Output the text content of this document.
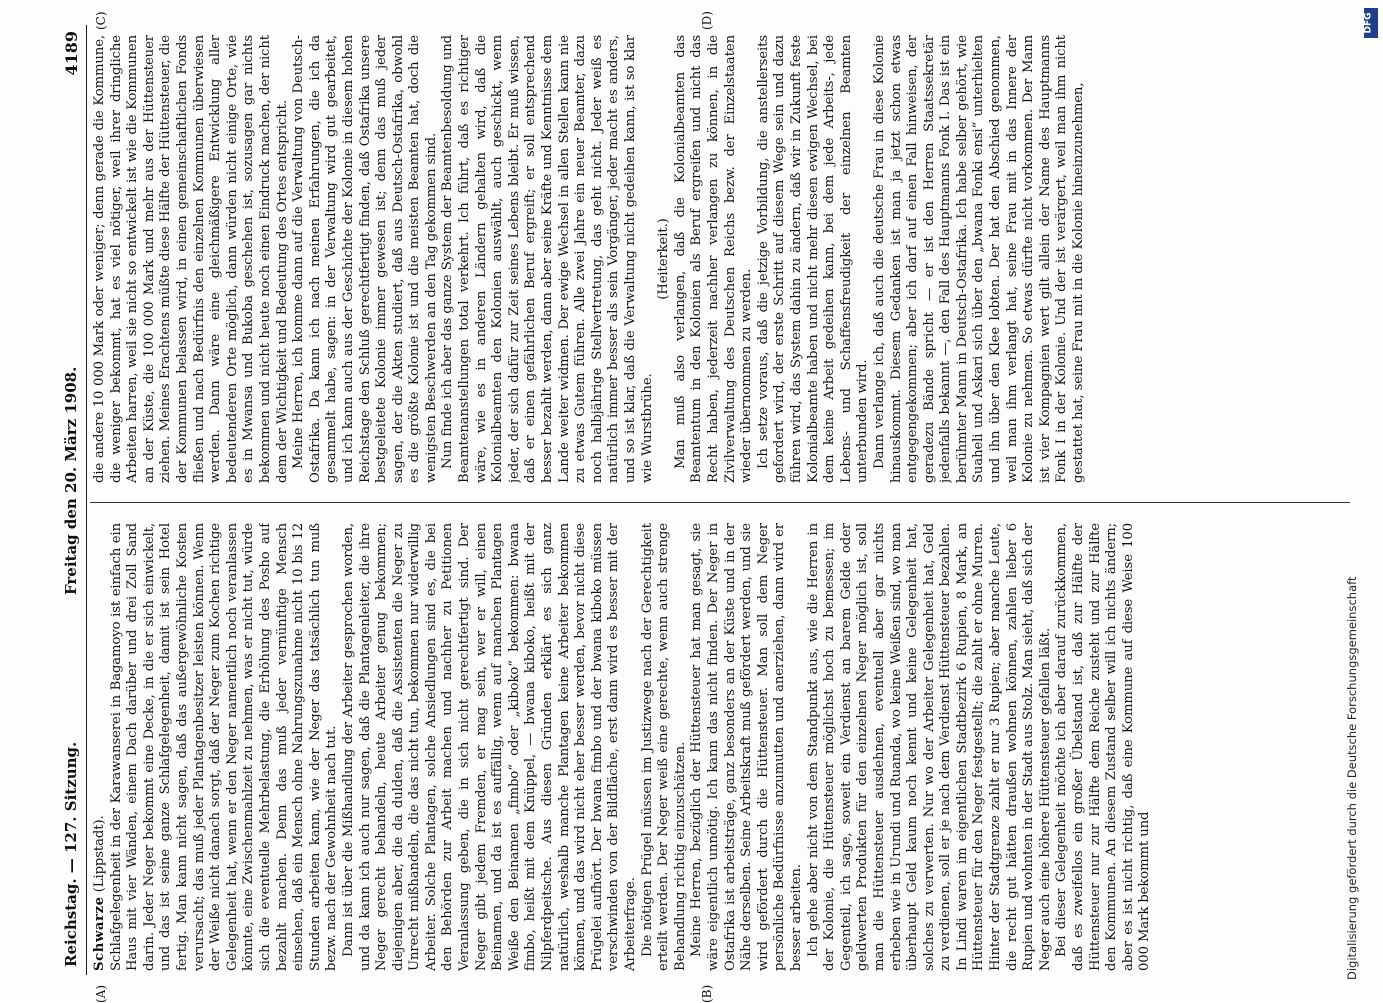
Reichstag. — 127. Sitzung.
Freitag den 20. März 1908.
4189

Schwarze (Lippstadt). Schlafgelegenheit in der Karawanserei in Bagamoyo ist einfach ein Haus mit vier Wänden, einem Dach darüber und drei Zoll Sand darin. Jeder Neger bekommt eine Decke, in die er sich einwickelt, und das ist seine ganze Schlafgelegenheit, damit ist sein Hotel fertig. Man kann nicht sagen, daß das außergewöhnliche Kosten verursacht; das muß jeder Plantagenbesitzer leisten können. Wenn der Weiße nicht danach sorgt, daß der Neger zum Kochen richtige Gelegenheit hat, wenn er den Neger namentlich noch veranlassen könnte, eine Zwischenmahlzeit zu nehmen, was er nicht tut, würde sich die eventuelle Mehrbelastung, die Erhöhung des Posho auf bezahlt machen. Denn das muß jeder vernünftige Mensch einsehen, daß ein Mensch ohne Nahrungszunahme nicht 10 bis 12 Stunden arbeiten kann, wie der Neger das tatsächlich tun muß bezw. nach der Gewohnheit nach tut. Dann ist über die Mißhandlung der Arbeiter gesprochen worden, und da kann ich auch nur sagen, daß die Plantagenleiter, die ihre Neger gerecht behandeln, heute Arbeiter genug bekommen; diejenigen aber, die da dulden, daß die Assistenten die Neger zu Unrecht mißhandeln, die das nicht tun, bekommen nur widerwillig Arbeiter. Solche Plantagen, solche Ansiedlungen sind es, die bei den Behörden zur Arbeit machen und nachher zu Petitionen Veranlassung geben, die in sich nicht gerechtfertigt sind. Der Neger gibt jedem Fremden, er mag sein, wer er will, einen Beinamen, und da ist es auffällig, wenn auf manchen Plantagen Weiße den Beinamen „fimbo“ oder „kiboko“ bekommen: bwana fimbo, heißt mit dem Knüppel, — bwana kiboko, heißt mit der Nilpferdpeitsche. Aus diesen Gründen erklärt es sich ganz natürlich, weshalb manche Plantagen keine Arbeiter bekommen können, und das wird nicht eher besser werden, bevor nicht diese Prügelei aufhört. Der bwana fimbo und der bwana kiboko müssen verschwinden von der Bildfläche, erst dann wird es besser mit der Arbeiterfrage. Die nötigen Prügel müssen im Justizwege nach der Gerechtigkeit erteilt werden. Der Neger weiß eine gerechte, wenn auch strenge Behandlung richtig einzuschätzen. Meine Herren, bezüglich der Hüttensteuer hat man gesagt, sie wäre eigentlich unnötig. Ich kann das nicht finden. Der Neger in Ostafrika ist arbeitsträge, ganz besonders an der Küste und in der Nähe derselben. Seine Arbeitskraft muß gefördert werden, und sie wird gefördert durch die Hüttensteuer. Man soll dem Neger persönliche Bedürfnisse anzumutten und anerziehen, dann wird er besser arbeiten. Ich gehe aber nicht von dem Standpunkt aus, wie die Herren in der Kolonie, die Hüttensteuer möglichst hoch zu bemessen; im Gegenteil, ich sage, soweit ein Verdienst an barem Gelde oder geldwerten Produkten für den einzelnen Neger möglich ist, soll man die Hüttensteuer ausdehnen, eventuell aber gar nichts erheben wie in Urundi und Ruanda, wo keine Weißen sind, wo man überhaupt Geld kaum noch kennt und keine Gelegenheit hat, solches zu verwerten. Nur wo der Arbeiter Gelegenheit hat, Geld zu verdienen, soll er je nach dem Verdienst Hüttensteuer bezahlen. In Lindi waren im eigentlichen Stadtbezirk 6 Rupien, 8 Mark, an Hüttensteuer für den Neger festgestellt; die zahlt er ohne Murren. Hinter der Stadtgrenze zahlt er nur 3 Rupien; aber manche Leute, die recht gut hätten draußen wohnen können, zahlen lieber 6 Rupien und wohnten in der Stadt aus Stolz. Man sieht, daß sich der Neger auch eine höhere Hüttensteuer gefallen läßt. Bei dieser Gelegenheit möchte ich aber darauf zurückkommen, daß es zweifellos ein großer Übelstand ist, daß zur Hälfte der Hüttensteuer nur zur Hälfte dem Reiche zusteht und zur Hälfte den Kommunen. An diesem Zustand selber will ich nichts ändern; aber es ist nicht richtig, daß eine Kommune auf diese Weise 100 000 Mark bekommt und

die andere 10 000 Mark oder weniger; denn gerade die Kommune, die weniger bekommt, hat es viel nötiger, weil ihrer dringliche Arbeiten harren, weil sie nicht so entwickelt ist wie die Kommunen an der Küste, die 100 000 Mark und mehr aus der Hüttensteuer ziehen. Meines Erachtens müßte diese Hälfte der Hüttensteuer, die der Kommunen belassen wird, in einen gemeinschaftlichen Fonds fließen und nach Bedürfnis den einzelnen Kommunen überwiesen werden. Dann wäre eine gleichmäßigere Entwicklung aller bedeutenderen Orte möglich, dann würden nicht einige Orte, wie es in Mwansa und Bukoba geschehen ist, sozusagen gar nichts bekommen und nicht heute noch einen Eindruck machen, der nicht dem der Wichtigkeit und Bedeutung des Ortes entspricht. Meine Herren, ich komme dann auf die Verwaltung von Deutsch-Ostafrika. Da kann ich nach meinen Erfahrungen, die ich da gesammelt habe, sagen: in der Verwaltung wird gut gearbeitet, und ich kann auch aus der Geschichte der Kolonie in diesem hohen Reichstage den Schluß gerechtfertigt finden, daß Ostafrika unsere bestgeleitete Kolonie immer gewesen ist; denn das muß jeder sagen, der die Akten studiert, daß aus Deutsch-Ostafrika, obwohl es die größte Kolonie ist und die meisten Beamten hat, doch die wenigsten Beschwerden an den Tag gekommen sind. Nun finde ich aber das ganze System der Beamtenbesoldung und Beamtenanstellungen total verkehrt. Ich führt, daß es richtiger wäre, wie es in anderen Ländern gehalten wird, daß die Kolonialbeamten den Kolonien auswählt, auch geschickt, wenn jeder, der sich dafür zur Zeit seines Lebens bleibt. Er muß wissen, daß er einen gefährlichen Beruf ergreift; er soll entsprechend besser bezahlt werden, dann aber seine Kräfte und Kenntnisse dem Lande weiter widmen. Der ewige Wechsel in allen Stellen kann nie zu etwas Gutem führen. Alle zwei Jahre ein neuer Beamter, dazu noch halbjährige Stellvertretung, das geht nicht. Jeder weiß es natürlich immer besser als sein Vorgänger, jeder macht es anders, und so ist klar, daß die Verwaltung nicht gedeihen kann, ist so klar wie Wurstbrühe.

(Heiterkeit.) Man muß also verlangen, daß die Kolonialbeamten das Beamtentum in den Kolonien als Beruf ergreifen und nicht das Recht haben, jederzeit nachher verlangen zu können, in die Zivilverwaltung des Deutschen Reichs bezw. der Einzelstaaten wieder übernommen zu werden. Ich setze voraus, daß die jetzige Vorbildung, die anstellerseits gefordert wird, der erste Schritt auf diesem Wege sein und dazu führen wird, das System dahin zu ändern, daß wir in Zukunft feste Kolonialbeamte haben und nicht mehr diesen ewigen Wechsel, bei dem keine Arbeit gedeihen kann, bei dem jede Arbeits-, jede Lebens- und Schaffensfreudigkeit der einzelnen Beamten unterbunden wird. Dann verlange ich, daß auch die deutsche Frau in diese Kolonie hinauskommt. Diesem Gedanken ist man ja jetzt schon etwas entgegengekommen; aber ich darf auf einen Fall hinweisen, der geradezu Bände spricht — er ist den Herren Staatssekretär jedenfalls bekannt —, den Fall des Hauptmanns Fonk I. Das ist ein berühmter Mann in Deutsch-Ostafrika. Ich habe selber gehört, wie Suaheli und Askari sich über den „bwana Fonki ensi“ unterhielten und ihn über den Klee lobten. Der hat den Abschied genommen, weil man ihm verlangt hat, seine Frau mit in das Innere der Kolonie zu nehmen. So etwas dürfte nicht vorkommen. Der Mann ist vier Kompagnien wert gilt allein der Name des Hauptmanns Fonk I in der Kolonie. Und der ist verärgert, weil man ihm nicht gestattet hat, seine Frau mit in die Kolonie hineinzunehmen,

(A)	(B)
(C)	(D)
Digitalisierung gefördert durch die Deutsche Forschungsgemeinschaft
DFG
